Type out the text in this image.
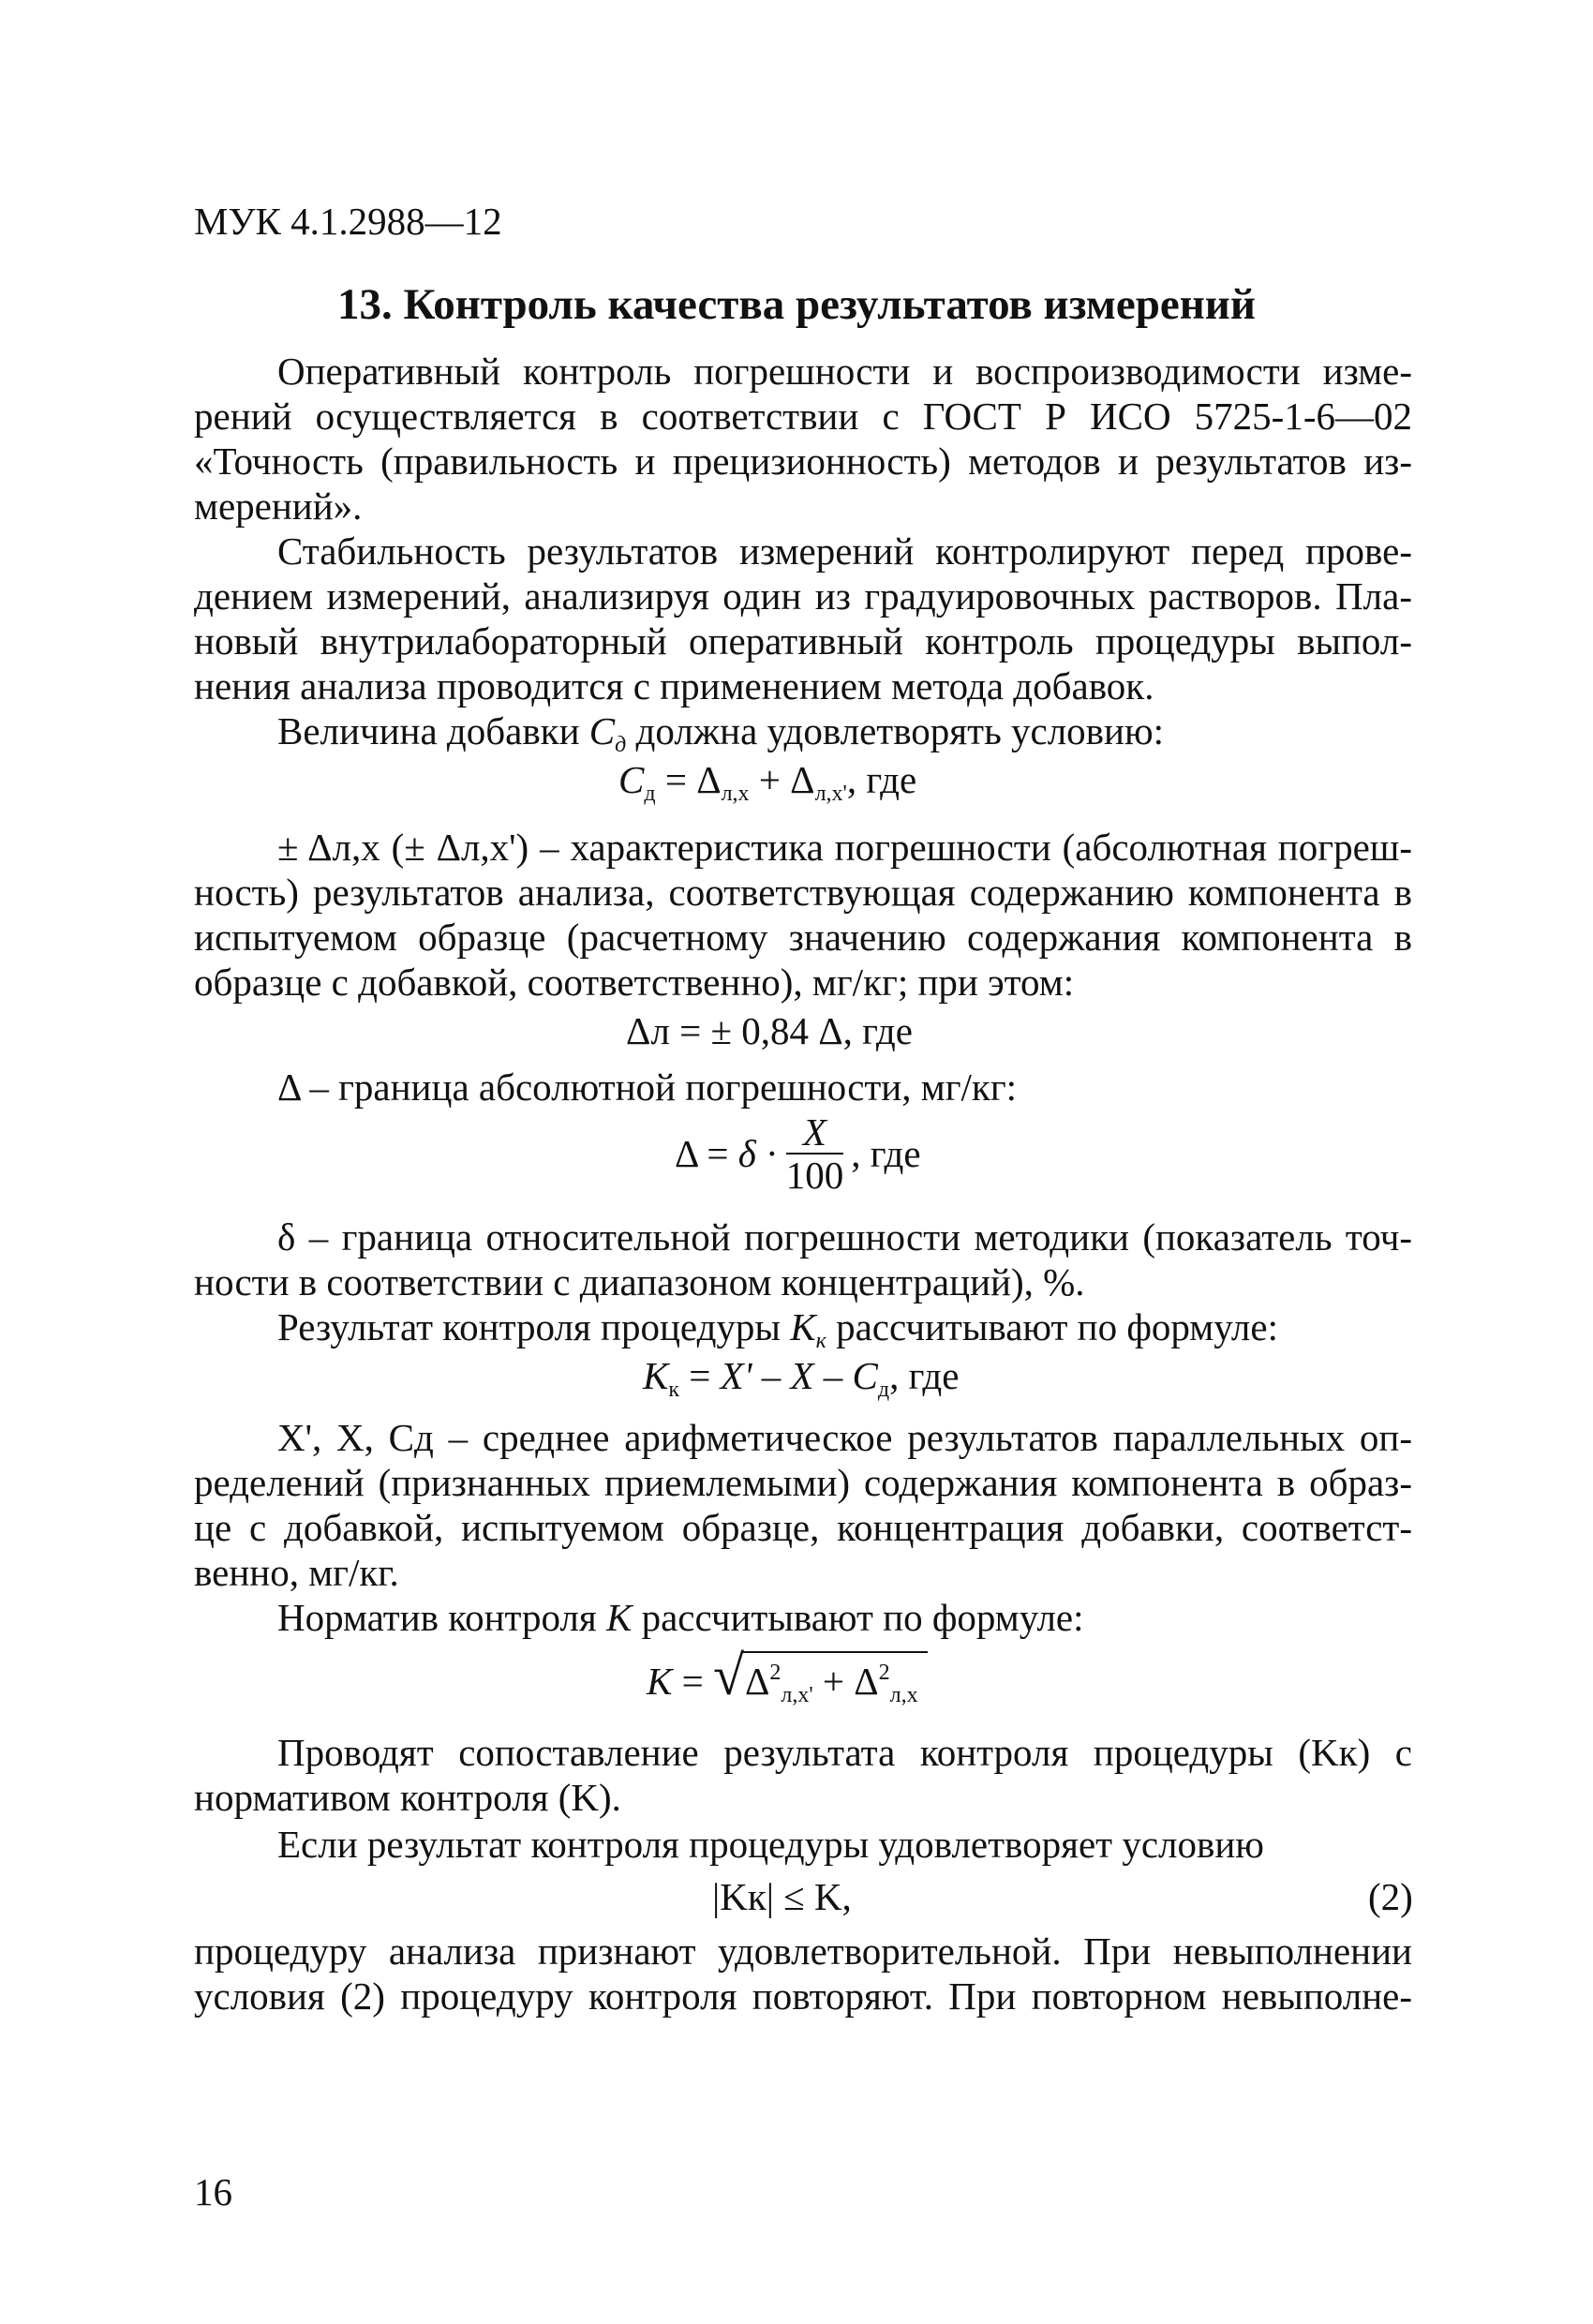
МУК 4.1.2988—12
13. Контроль качества результатов измерений
Оперативный контроль погрешности и воспроизводимости изме-
рений осуществляется в соответствии с ГОСТ Р ИСО 5725-1-6—02
«Точность (правильность и прецизионность) методов и результатов из-
мерений».
Стабильность результатов измерений контролируют перед прове-
дением измерений, анализируя один из градуировочных растворов. Пла-
новый внутрилабораторный оперативный контроль процедуры выпол-
нения анализа проводится с применением метода добавок.
Величина добавки $C_д$ должна удовлетворять условию:
$C_д = \Delta_{л,х} + \Delta_{л,х'}$, где
± Δл,х (± Δл,х') – характеристика погрешности (абсолютная погреш-
ность) результатов анализа, соответствующая содержанию компонента в
испытуемом образце (расчетному значению содержания компонента в
образце с добавкой, соответственно), мг/кг; при этом:
Δл = ± 0,84 Δ, где
Δ – граница абсолютной погрешности, мг/кг:
$\Delta = \delta \cdot \frac{X}{100}$ , где
δ – граница относительной погрешности методики (показатель точ-
ности в соответствии с диапазоном концентраций), %.
Результат контроля процедуры $K_к$ рассчитывают по формуле:
$K_к = X' - X - C_д$, где
X', X, Cд – среднее арифметическое результатов параллельных оп-
ределений (признанных приемлемыми) содержания компонента в образ-
це с добавкой, испытуемом образце, концентрация добавки, соответст-
венно, мг/кг.
Норматив контроля K рассчитывают по формуле:
K = √ $\Delta^2_{л,х'} + \Delta^2_{л,х}$
Проводят сопоставление результата контроля процедуры (Kк) с
нормативом контроля (K).
Если результат контроля процедуры удовлетворяет условию
|Kк| ≤ K,	(2)
процедуру анализа признают удовлетворительной. При невыполнении
условия (2) процедуру контроля повторяют. При повторном невыполне-
16
